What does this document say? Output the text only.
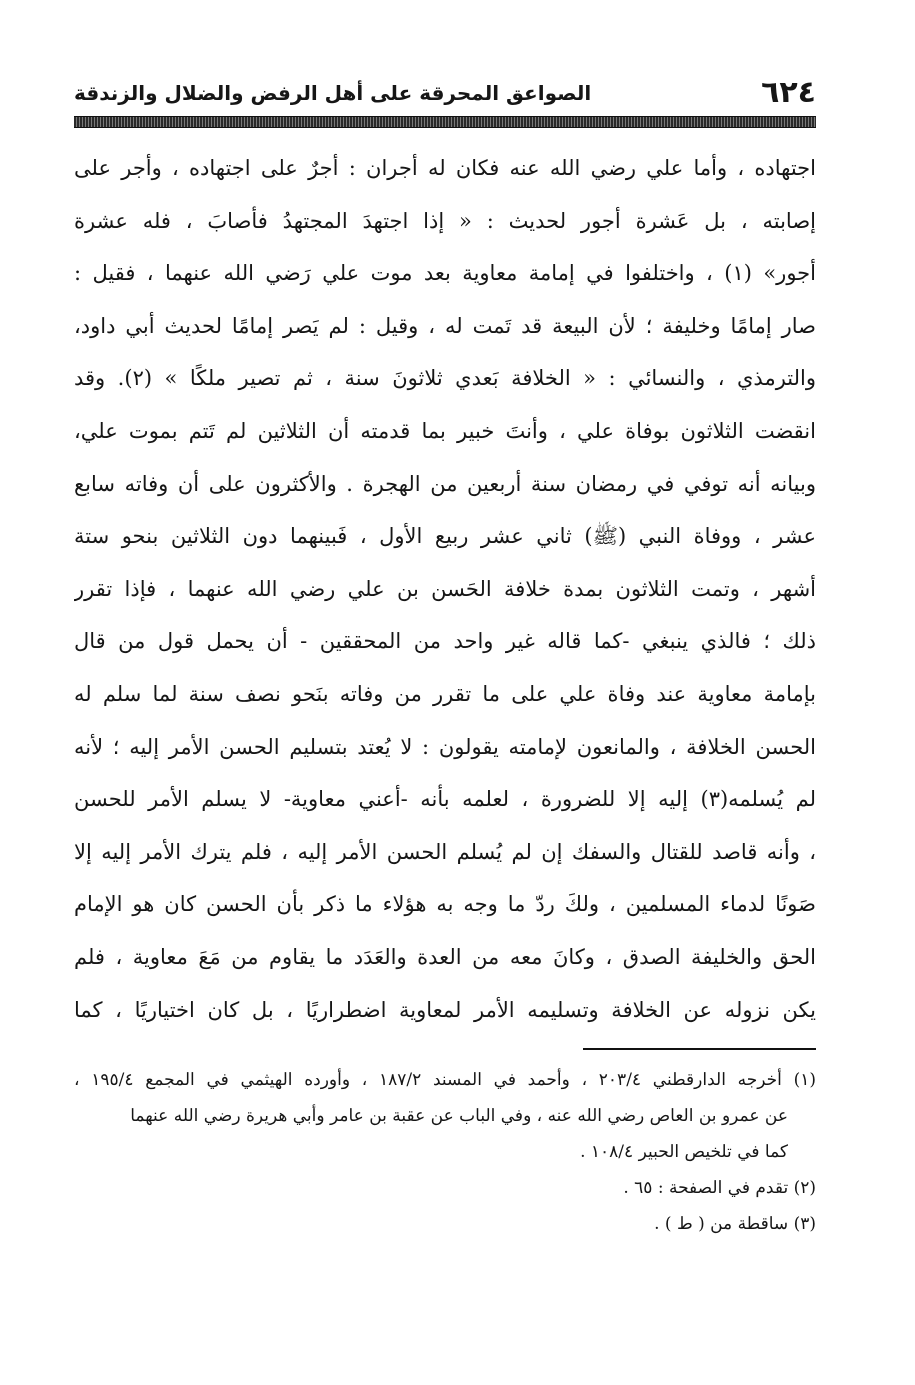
٦٢٤
الصواعق المحرقة على أهل الرفض والضلال والزندقة
اجتهاده ، وأما علي رضي الله عنه فكان له أجران : أجرٌ على اجتهاده ، وأجر على
إصابته ، بل عَشرة أجور لحديث : « إذا اجتهدَ المجتهدُ فأصابَ ، فله عشرة
أجور» (١) ، واختلفوا في إمامة معاوية بعد موت علي رَضي الله عنهما ، فقيل :
صار إمامًا وخليفة ؛ لأن البيعة قد تَمت له ، وقيل : لم يَصر إمامًا لحديث أبي داود،
والترمذي ، والنسائي : « الخلافة بَعدي ثلاثونَ سنة ، ثم تصير ملكًا » (٢). وقد
انقضت الثلاثون بوفاة علي ، وأنتَ خبير بما قدمته أن الثلاثين لم تَتم بموت علي،
وبيانه أنه توفي في رمضان سنة أربعين من الهجرة . والأكثرون على أن وفاته سابع
عشر ، ووفاة النبي (ﷺ) ثاني عشر ربيع الأول ، فَبينهما دون الثلاثين بنحو ستة
أشهر ، وتمت الثلاثون بمدة خلافة الحَسن بن علي رضي الله عنهما ، فإذا تقرر
ذلك ؛ فالذي ينبغي -كما قاله غير واحد من المحققين - أن يحمل قول من قال
بإمامة معاوية عند وفاة علي على ما تقرر من وفاته بنَحو نصف سنة لما سلم له
الحسن الخلافة ، والمانعون لإمامته يقولون : لا يُعتد بتسليم الحسن الأمر إليه ؛ لأنه
لم يُسلمه(٣) إليه إلا للضرورة ، لعلمه بأنه -أعني معاوية- لا يسلم الأمر للحسن
، وأنه قاصد للقتال والسفك إن لم يُسلم الحسن الأمر إليه ، فلم يترك الأمر إليه إلا
صَونًا لدماء المسلمين ، ولكَ ردّ ما وجه به هؤلاء ما ذكر بأن الحسن كان هو الإمام
الحق والخليفة الصدق ، وكانَ معه من العدة والعَدَد ما يقاوم من مَعَ معاوية ، فلم
يكن نزوله عن الخلافة وتسليمه الأمر لمعاوية اضطراريًا ، بل كان اختياريًا ، كما
(١) أخرجه الدارقطني ٢٠٣/٤ ، وأحمد في المسند ١٨٧/٢ ، وأورده الهيثمي في المجمع ١٩٥/٤ ،
عن عمرو بن العاص رضي الله عنه ، وفي الباب عن عقبة بن عامر وأبي هريرة رضي الله عنهما
كما في تلخيص الحبير ١٠٨/٤ .
(٢) تقدم في الصفحة : ٦٥ .
(٣) ساقطة من ( ط ) .
